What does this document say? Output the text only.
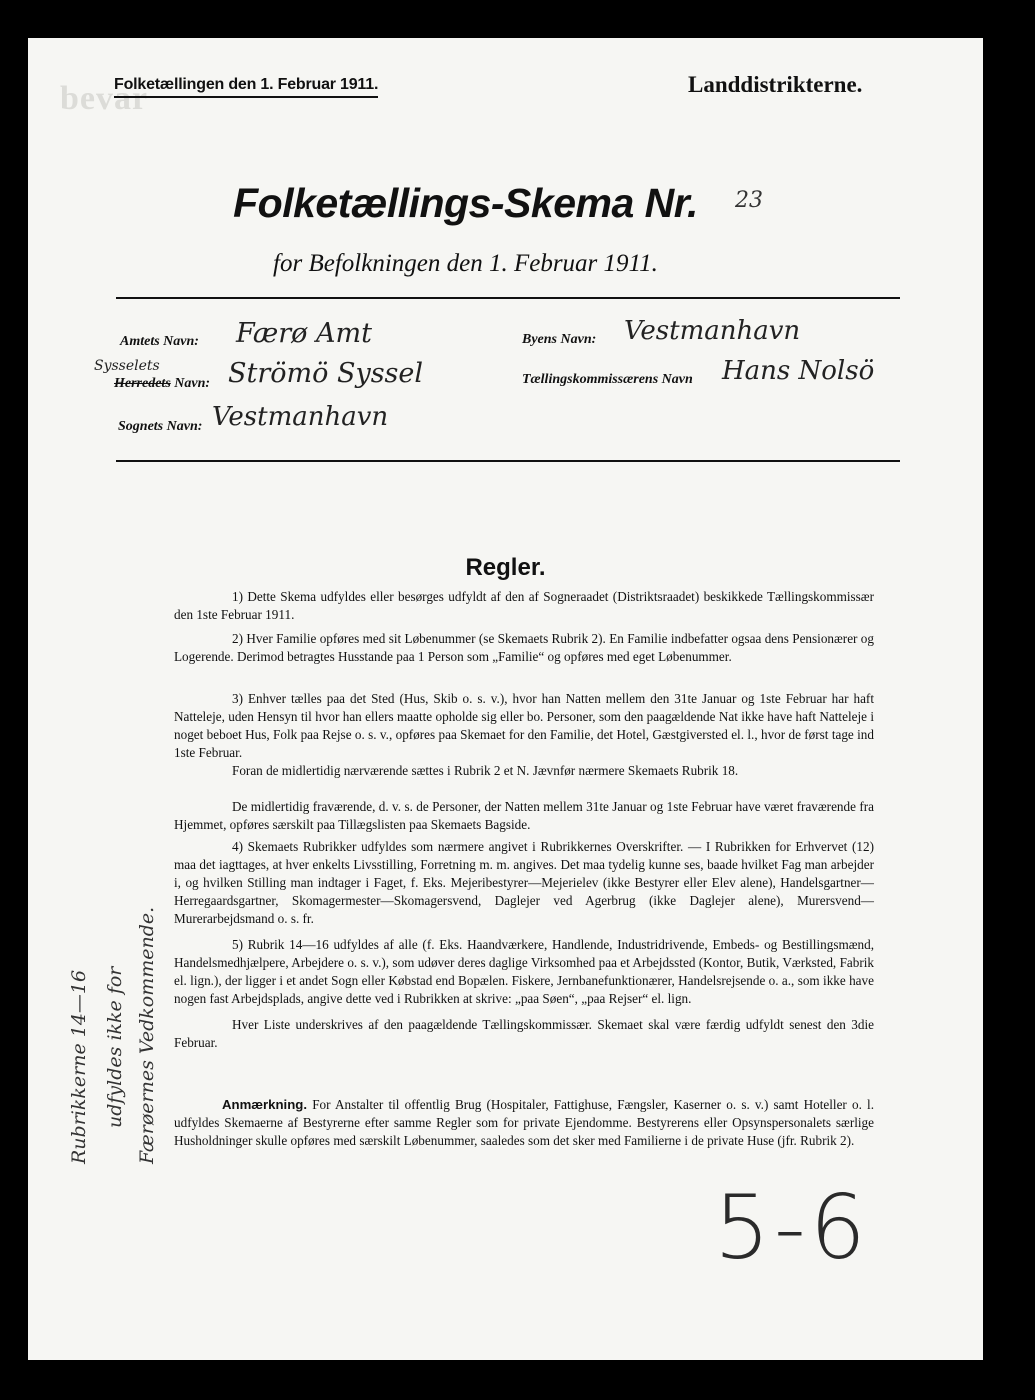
bevar
Folketællingen den 1. Februar 1911.	Landdistrikterne.
Folketællings-Skema Nr.	23
for Befolkningen den 1. Februar 1911.
Amtets Navn: Færø Amt
Sysselets
Herredets Navn: Strömö Syssel
Sognets Navn: Vestmanhavn
Byens Navn: Vestmanhavn
Tællingskommissærens Navn Hans Nolsö
Regler.
1) Dette Skema udfyldes eller besørges udfyldt af den af Sogneraadet (Distriktsraadet) beskikkede Tællingskommissær den 1ste Februar 1911.
2) Hver Familie opføres med sit Løbenummer (se Skemaets Rubrik 2). En Familie indbefatter ogsaa dens Pensionærer og Logerende. Derimod betragtes Husstande paa 1 Person som „Familie“ og opføres med eget Løbenummer.
3) Enhver tælles paa det Sted (Hus, Skib o. s. v.), hvor han Natten mellem den 31te Januar og 1ste Februar har haft Natteleje, uden Hensyn til hvor han ellers maatte opholde sig eller bo. Personer, som den paagældende Nat ikke have haft Natteleje i noget beboet Hus, Folk paa Rejse o. s. v., opføres paa Skemaet for den Familie, det Hotel, Gæstgiversted el. l., hvor de først tage ind 1ste Februar.
Foran de midlertidig nærværende sættes i Rubrik 2 et N. Jævnfør nærmere Skemaets Rubrik 18.
De midlertidig fraværende, d. v. s. de Personer, der Natten mellem 31te Januar og 1ste Februar have været fraværende fra Hjemmet, opføres særskilt paa Tillægslisten paa Skemaets Bagside.
4) Skemaets Rubrikker udfyldes som nærmere angivet i Rubrikkernes Overskrifter. — I Rubrikken for Erhvervet (12) maa det iagttages, at hver enkelts Livsstilling, Forretning m. m. angives. Det maa tydelig kunne ses, baade hvilket Fag man arbejder i, og hvilken Stilling man indtager i Faget, f. Eks. Mejeribestyrer—Mejerielev (ikke Bestyrer eller Elev alene), Handelsgartner—Herregaardsgartner, Skomagermester—Skomagersvend, Daglejer ved Agerbrug (ikke Daglejer alene), Murersvend—Murerarbejdsmand o. s. fr.
5) Rubrik 14—16 udfyldes af alle (f. Eks. Haandværkere, Handlende, Industridrivende, Embeds- og Bestillingsmænd, Handelsmedhjælpere, Arbejdere o. s. v.), som udøver deres daglige Virksomhed paa et Arbejdssted (Kontor, Butik, Værksted, Fabrik el. lign.), der ligger i et andet Sogn eller Købstad end Bopælen. Fiskere, Jernbanefunktionærer, Handelsrejsende o. a., som ikke have nogen fast Arbejdsplads, angive dette ved i Rubrikken at skrive: „paa Søen“, „paa Rejser“ el. lign.
Hver Liste underskrives af den paagældende Tællingskommissær. Skemaet skal være færdig udfyldt senest den 3die Februar.
Anmærkning. For Anstalter til offentlig Brug (Hospitaler, Fattighuse, Fængsler, Kaserner o. s. v.) samt Hoteller o. l. udfyldes Skemaerne af Bestyrerne efter samme Regler som for private Ejendomme. Bestyrerens eller Opsynspersonalets særlige Husholdninger skulle opføres med særskilt Løbenummer, saaledes som det sker med Familierne i de private Huse (jfr. Rubrik 2).
Rubrikkerne 14—16 udfyldes ikke for Færøernes Vedkommende.
5-6
